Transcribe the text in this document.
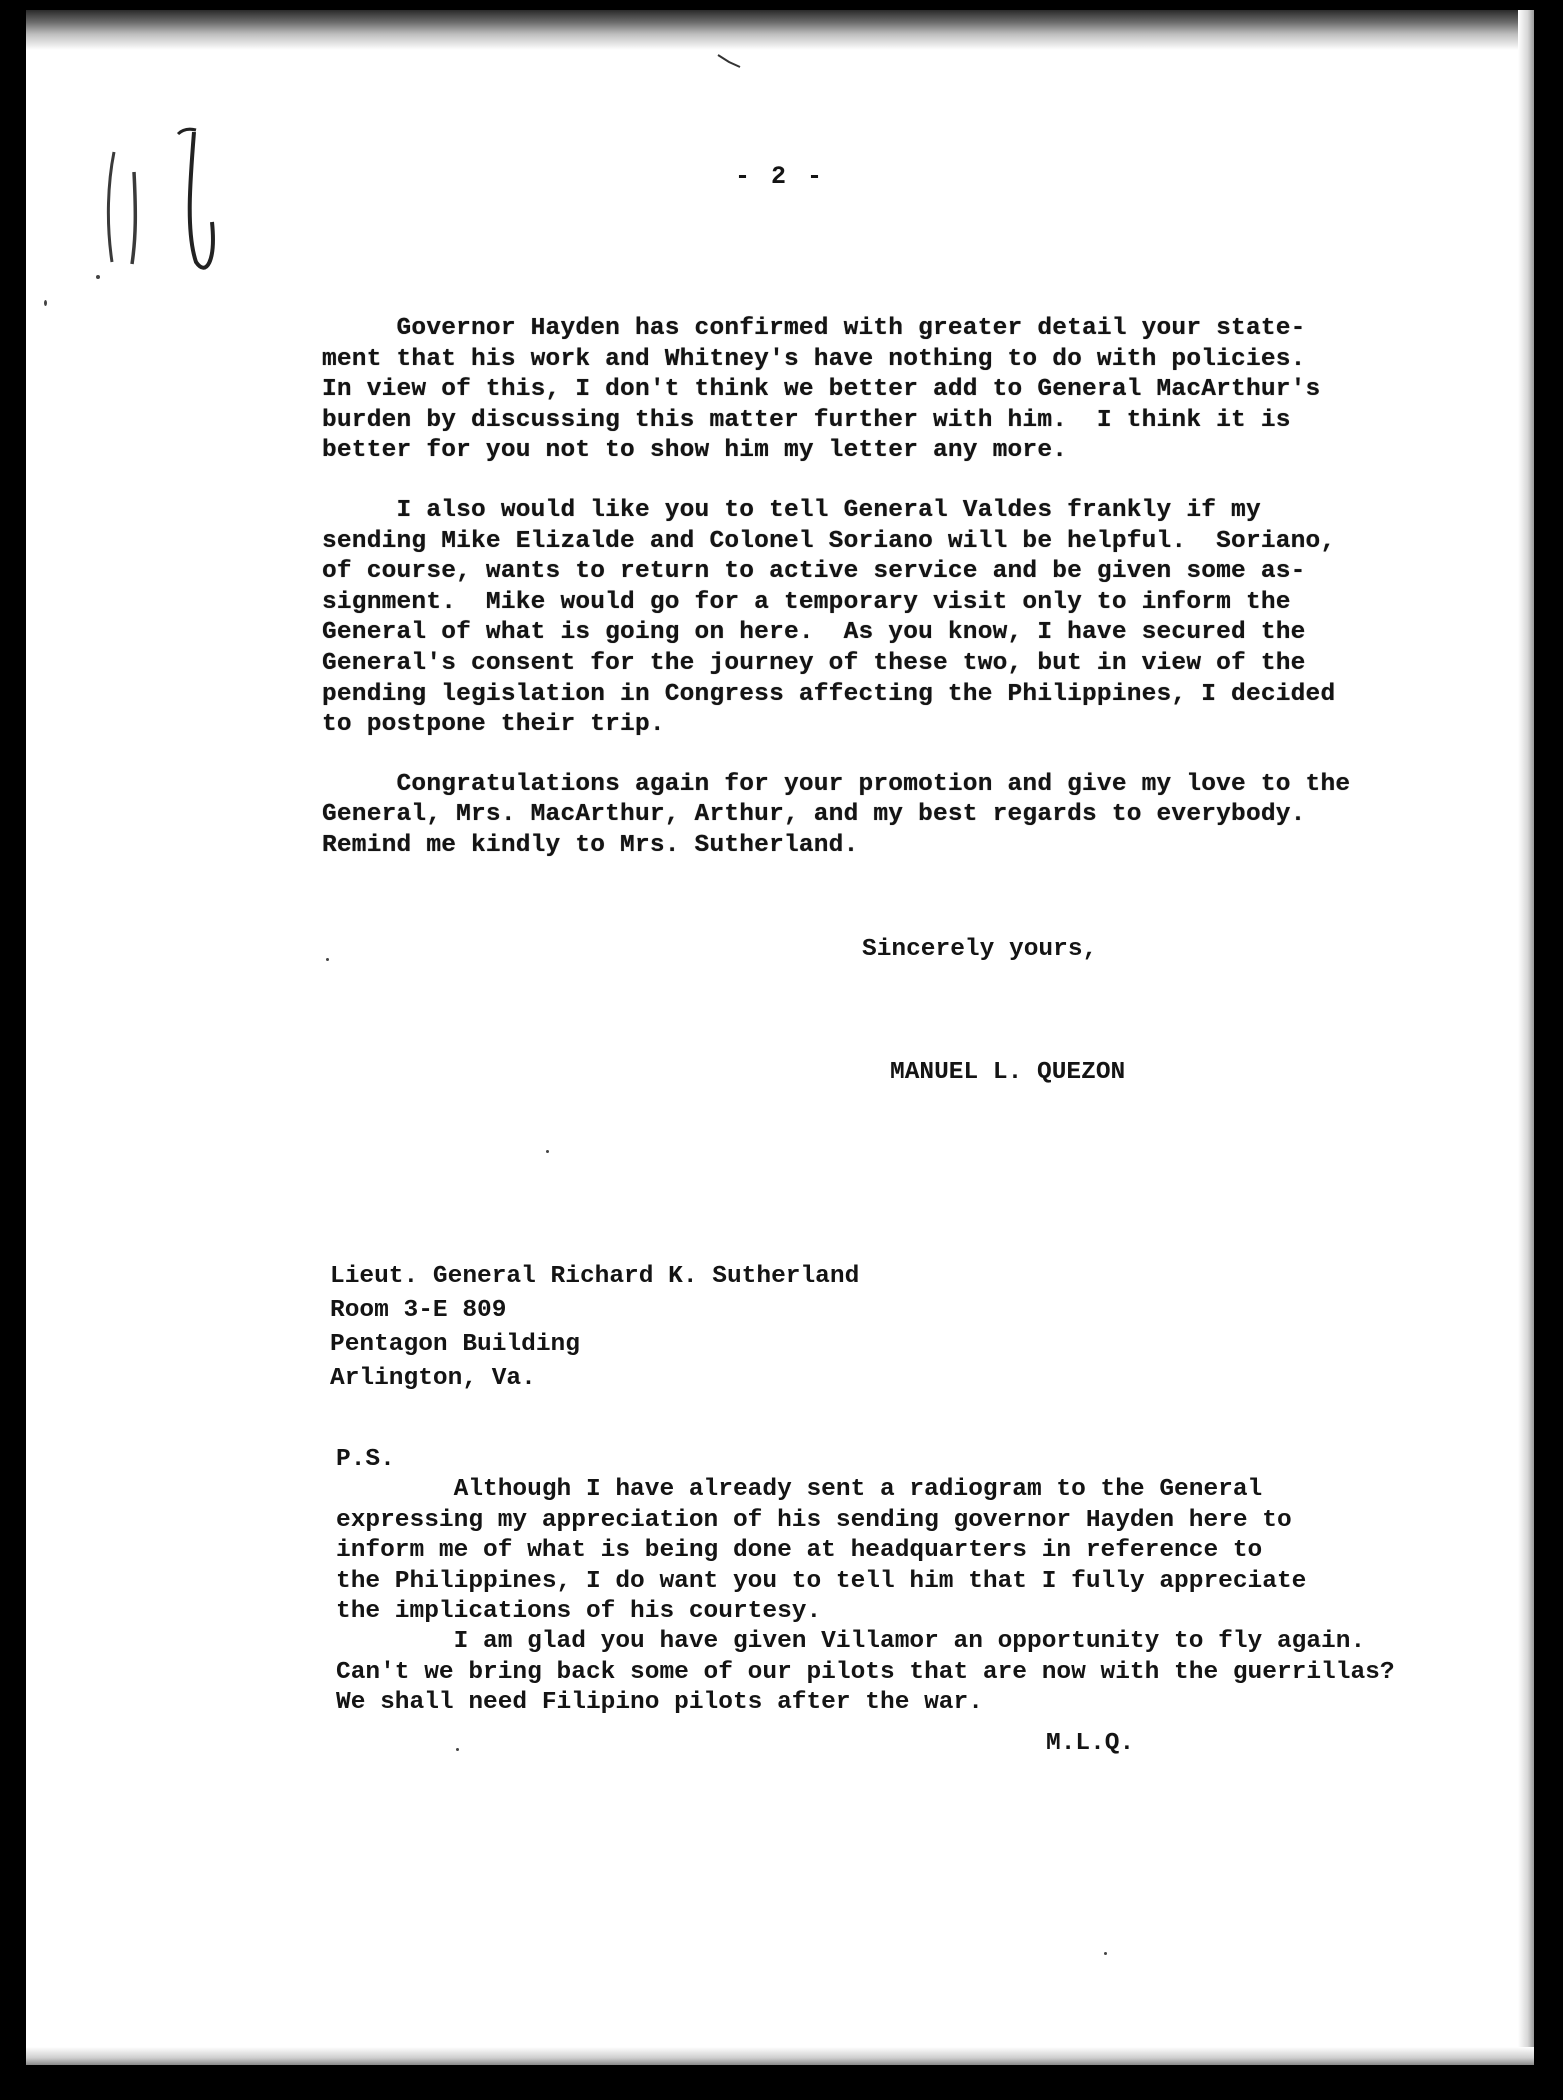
- 2 -
Governor Hayden has confirmed with greater detail your state-
ment that his work and Whitney's have nothing to do with policies.
In view of this, I don't think we better add to General MacArthur's
burden by discussing this matter further with him.  I think it is
better for you not to show him my letter any more.
I also would like you to tell General Valdes frankly if my
sending Mike Elizalde and Colonel Soriano will be helpful.  Soriano,
of course, wants to return to active service and be given some as-
signment.  Mike would go for a temporary visit only to inform the
General of what is going on here.  As you know, I have secured the
General's consent for the journey of these two, but in view of the
pending legislation in Congress affecting the Philippines, I decided
to postpone their trip.
Congratulations again for your promotion and give my love to the
General, Mrs. MacArthur, Arthur, and my best regards to everybody.
Remind me kindly to Mrs. Sutherland.
Sincerely yours,
MANUEL L. QUEZON
Lieut. General Richard K. Sutherland
Room 3-E 809
Pentagon Building
Arlington, Va.
P.S.
Although I have already sent a radiogram to the General
expressing my appreciation of his sending governor Hayden here to
inform me of what is being done at headquarters in reference to
the Philippines, I do want you to tell him that I fully appreciate
the implications of his courtesy.
I am glad you have given Villamor an opportunity to fly again.
Can't we bring back some of our pilots that are now with the guerrillas?
We shall need Filipino pilots after the war.
M.L.Q.
